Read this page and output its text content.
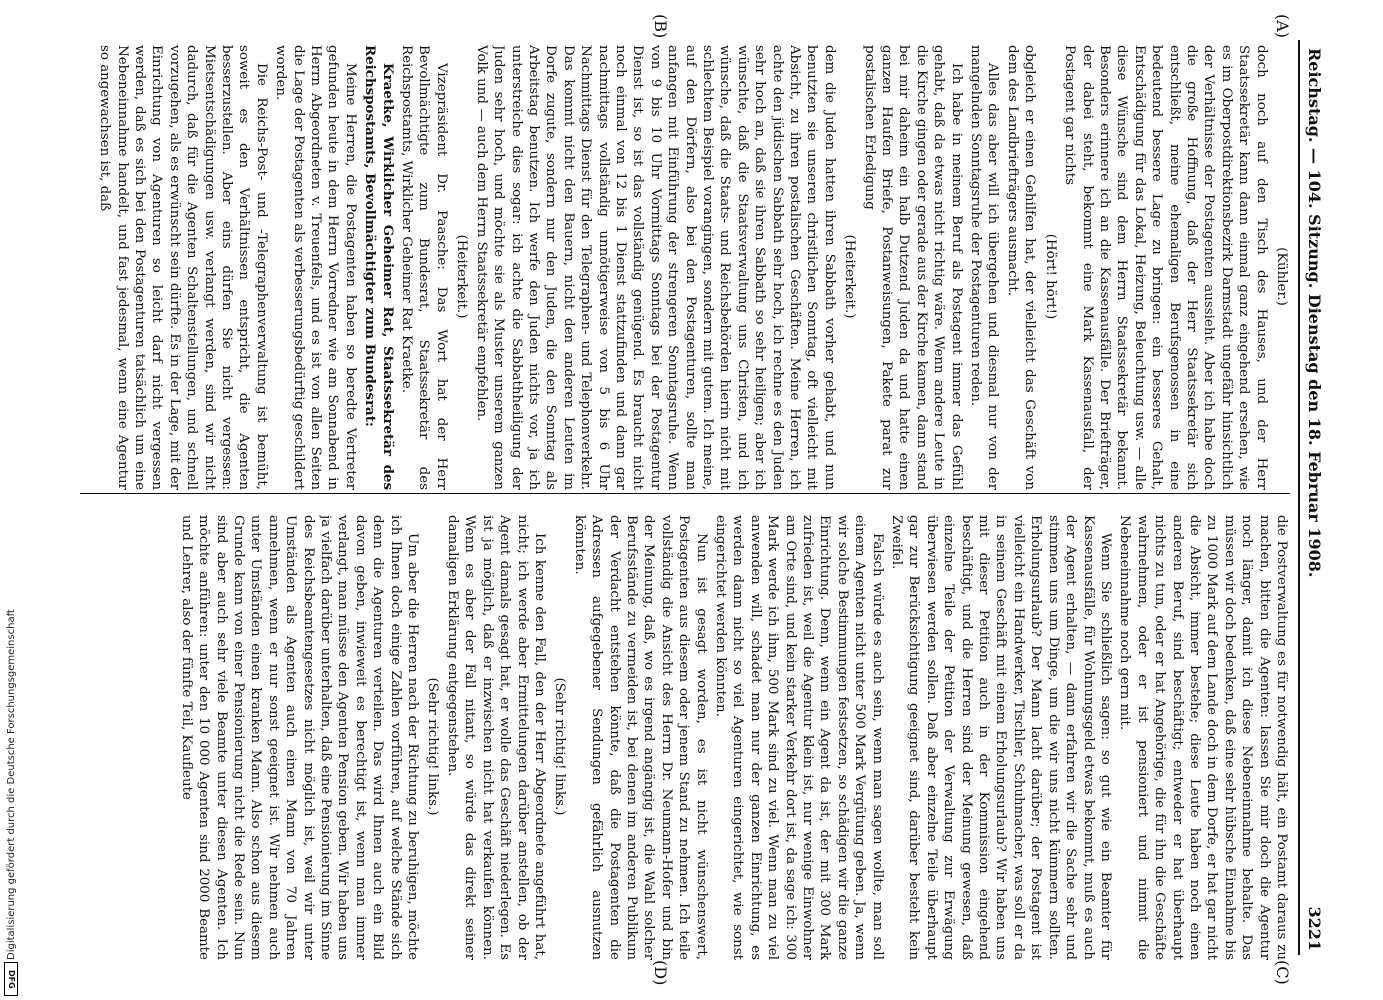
Reichstag. — 104. Sitzung. Dienstag den 18. Februar 1908.
3221
(A)
(B)
(C)
(D)

(Kühler.)

doch noch auf den Tisch des Hauses, und der Herr Staatssekretär kann dann einmal ganz eingehend ersehen, wie es im Oberpostdirektionsbezirk Darmstadt ungefähr hinsichtlich der Verhältnisse der Postagenten aussieht. Aber ich habe doch die große Hoffnung, daß der Herr Staatssekretär sich entschließt, meine ehemaligen Berufsgenossen in eine bedeutend bessere Lage zu bringen: ein besseres Gehalt, Entschädigung für das Lokal, Heizung, Beleuchtung usw. — alle diese Wünsche sind dem Herrn Staatssekretär bekannt. Besonders erinnere ich an die Kassenausfälle. Der Briefträger, der dabei steht, bekommt eine Mark Kassenausfall, der Postagent gar nichts

(Hört! hört!)

obgleich er einen Gehilfen hat, der vielleicht das Geschäft von dem des Landbriefträgers ausmacht.

Alles das aber will ich übergehen und diesmal nur von der mangelnden Sonntagsruhe der Postagenturen reden.

Ich habe in meinem Beruf als Postagent immer das Gefühl gehabt, daß da etwas nicht richtig wäre. Wenn andere Leute in die Kirche gingen oder gerade aus der Kirche kamen, dann stand bei mir daheim ein halb Dutzend Juden da und hatte einen ganzen Haufen Briefe, Postanweisungen, Pakete parat zur postalischen Erledigung

(Heiterkeit.)

dem die Juden hatten ihren Sabbath vorher gehabt, und nun benutzten sie unseren christlichen Sonntag, oft vielleicht mit Absicht, zu ihren postalischen Geschäften. Meine Herren, ich achte den jüdischen Sabbath sehr hoch, ich rechne es den Juden sehr hoch an, daß sie ihren Sabbath so sehr heiligen; aber ich wünschte, daß die Staatsverwaltung uns Christen, und ich wünsche, daß die Staats- und Reichsbehörden hierin nicht mit schlechtem Beispiel vorangingen, sondern mit gutem. Ich meine, auf den Dörfern, also bei den Postagenturen, sollte man anfangen mit Einführung der strengeren Sonntagsruhe. Wenn von 9 bis 10 Uhr Vormittags Sonntags bei der Postagentur Dienst ist, so ist das vollständig genügend. Es braucht nicht noch einmal von 12 bis 1 Dienst stattzufinden und dann gar nachmittags vollständig unnötigerweise von 5 bis 6 Uhr Nachmittags Dienst für den Telegraphen- und Telephonverkehr. Das kommt nicht den Bauern, nicht den anderen Leuten im Dorfe zugute, sondern nur den Juden, die den Sonntag als Arbeitstag benutzen. Ich werfe den Juden nichts vor, ja ich unterstreiche dies sogar: ich achte die Sabbathheiligung der Juden sehr hoch, und möchte sie als Muster unserem ganzen Volk und — auch dem Herrn Staatssekretär empfehlen.

(Heiterkeit.)

Vizepräsident Dr. Paasche: Das Wort hat der Herr Bevollmächtigte zum Bundesrat, Staatssekretär des Reichspostamts, Wirklicher Geheimer Rat Kraetke.

Kraetke, Wirklicher Geheimer Rat, Staatssekretär des Reichspostamts, Bevollmächtigter zum Bundesrat:

Meine Herren, die Postagenten haben so beredte Vertreter gefunden heute in dem Herrn Vorredner wie am Sonnabend in Herrn Abgeordneten v. Treuenfels, und es ist von allen Seiten die Lage der Postagenten als verbesserungsbedürftig geschildert worden.

Die Reichs-Post- und -Telegraphenverwaltung ist bemüht, soweit es den Verhältnissen entspricht, die Agenten besserzustellen. Aber eins dürfen Sie nicht vergessen: Mietsentschädigungen usw. verlangt werden, sind wir nicht dadurch, daß für die Agenten Schaltenstellungen, und schnell vorzugehen, als es erwünscht sein dürfte. Es in der Lage, mit der Einrichtung von Agenturen so leicht darf nicht vergessen werden, daß es sich bei den Postagenturen tatsächlich um eine Nebeneinnahme handelt, und fast jedesmal, wenn eine Agentur so angewachsen ist, daß

die Postverwaltung es für notwendig hält, ein Postamt daraus zu machen, bitten die Agenten: lassen Sie mir doch die Agentur noch länger, damit ich diese Nebeneinnahme behalte. Das müssen wir doch bedenken, daß eine sehr hübsche Einnahme bis zu 1000 Mark auf dem Lande doch in dem Dorfe, er hat gar nicht die Absicht, immer bestehe; diese Leute haben noch einen anderen Beruf, sind beschäftigt; entweder er hat überhaupt nichts zu tun, oder er hat Angehörige, die für ihn die Geschäfte wahrnehmen, oder er ist pensioniert und nimmt die Nebeneinnahme noch gern mit.

Wenn Sie schließlich sagen: so gut wie ein Beamter für Kassenausfälle, für Wohnungsgeld etwas bekommt, muß es auch der Agent erhalten, — dann erfahren wir die Sache sehr und stimmen uns um Dinge, um die wir uns nicht kümmern sollten. Erholungsurlaub? Der Mann lacht darüber; der Postagent ist vielleicht ein Handwerker, Tischler, Schuhmacher, was soll er da in seinem Geschäft mit einem Erholungsurlaub? Wir haben uns mit dieser Petition auch in der Kommission eingehend beschäftigt, und die Herren sind der Meinung gewesen, daß einzelne Teile der Petition der Verwaltung zur Erwägung überwiesen werden sollen. Daß aber einzelne Teile überhaupt gar zur Berücksichtigung geeignet sind, darüber besteht kein Zweifel.

Falsch würde es auch sein, wenn man sagen wollte, man soll einem Agenten nicht unter 500 Mark Vergütung geben. Ja, wenn wir solche Bestimmungen festsetzen, so schädigen wir die ganze Einrichtung. Denn, wenn ein Agent da ist, der mit 300 Mark zufrieden ist, weil die Agentur klein ist, nur wenige Einwohner am Orte sind, und kein starker Verkehr dort ist, da sage ich: 300 Mark werde ich ihm, 500 Mark sind zu viel. Wenn man zu viel anwenden will, schadet man nur der ganzen Einrichtung, es werden dann nicht so viel Agenturen eingerichtet, wie sonst eingerichtet werden könnten.

Nun ist gesagt worden, es ist nicht wünschenswert, Postagenten aus diesem oder jenem Stand zu nehmen. Ich teile vollständig die Ansicht des Herrn Dr. Neumann-Hofer und bin der Meinung, daß, wo es irgend angängig ist, die Wahl solcher Berufsstände zu vermeiden ist, bei denen im anderen Publikum der Verdacht entstehen könnte, daß die Postagenten die Adressen aufgegebener Sendungen gefährlich ausnutzen könnten.

(Sehr richtig! links.)

Ich kenne den Fall, den der Herr Abgeordnete angeführt hat, nicht; ich werde aber Ermittelungen darüber anstellen, ob der Agent damals gesagt hat, er wolle das Geschäft niederlegen. Es ist ja möglich, daß er inzwischen nicht hat verkaufen können. Wenn es aber der Fall nitant, so würde das direkt seiner damaligen Erklärung entgegenstehen.

(Sehr richtig! links.)

Um aber die Herren nach der Richtung zu beruhigen, möchte ich Ihnen doch einige Zahlen vorführen, auf welche Stände sich denn die Agenturen verteilen. Das wird Ihnen auch ein Bild davon geben, inwieweit es berechtigt ist, wenn man immer verlangt, man müsse den Agenten Pension geben. Wir haben uns ja vielfach darüber unterhalten, daß eine Pensionierung im Sinne des Reichsbeamtengesetzes nicht möglich ist, weil wir unter Umständen als Agenten auch einen Mann von 70 Jahren annehmen, wenn er nur sonst geeignet ist. Wir nehmen auch unter Umständen einen kranken Mann. Also schon aus diesem Grunde kann von einer Pensionierung nicht die Rede sein. Nun sind aber auch sehr viele Beamte unter diesen Agenten. Ich möchte anführen: unter den 10 000 Agenten sind 2000 Beamte und Lehrer, also der fünfte Teil, Kaufleute

Digitalisierung gefördert durch die Deutsche Forschungsgemeinschaft
DFG
